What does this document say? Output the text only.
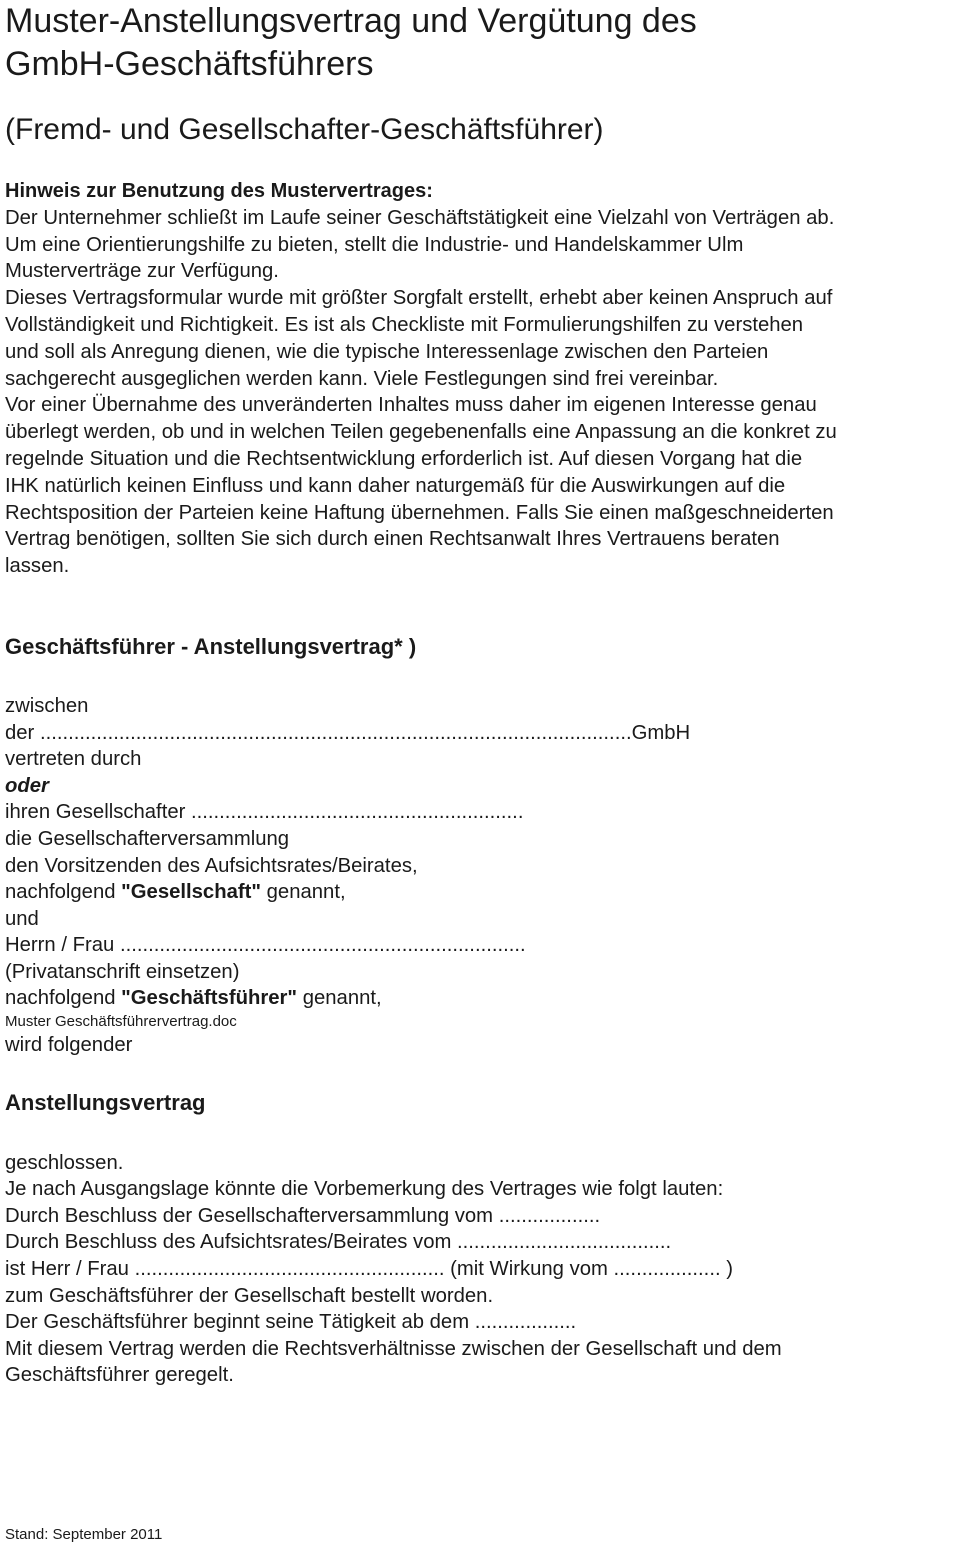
Muster-Anstellungsvertrag und Vergütung des
GmbH-Geschäftsführers
(Fremd- und Gesellschafter-Geschäftsführer)
Hinweis zur Benutzung des Mustervertrages:
Der Unternehmer schließt im Laufe seiner Geschäftstätigkeit eine Vielzahl von Verträgen ab.
Um eine Orientierungshilfe zu bieten, stellt die Industrie- und Handelskammer Ulm
Musterverträge zur Verfügung.
Dieses Vertragsformular wurde mit größter Sorgfalt erstellt, erhebt aber keinen Anspruch auf
Vollständigkeit und Richtigkeit. Es ist als Checkliste mit Formulierungshilfen zu verstehen
und soll als Anregung dienen, wie die typische Interessenlage zwischen den Parteien
sachgerecht ausgeglichen werden kann. Viele Festlegungen sind frei vereinbar.
Vor einer Übernahme des unveränderten Inhaltes muss daher im eigenen Interesse genau
überlegt werden, ob und in welchen Teilen gegebenenfalls eine Anpassung an die konkret zu
regelnde Situation und die Rechtsentwicklung erforderlich ist. Auf diesen Vorgang hat die
IHK natürlich keinen Einfluss und kann daher naturgemäß für die Auswirkungen auf die
Rechtsposition der Parteien keine Haftung übernehmen. Falls Sie einen maßgeschneiderten
Vertrag benötigen, sollten Sie sich durch einen Rechtsanwalt Ihres Vertrauens beraten
lassen.
Geschäftsführer - Anstellungsvertrag* )
zwischen
der .........................................................................................................GmbH
vertreten durch
oder
ihren Gesellschafter ...........................................................
die Gesellschafterversammlung
den Vorsitzenden des Aufsichtsrates/Beirates,
nachfolgend "Gesellschaft" genannt,
und
Herrn / Frau ........................................................................
(Privatanschrift einsetzen)
nachfolgend "Geschäftsführer" genannt,
Muster Geschäftsführervertrag.doc
wird folgender
Anstellungsvertrag
geschlossen.
Je nach Ausgangslage könnte die Vorbemerkung des Vertrages wie folgt lauten:
Durch Beschluss der Gesellschafterversammlung vom ..................
Durch Beschluss des Aufsichtsrates/Beirates vom ......................................
ist Herr / Frau ....................................................... (mit Wirkung vom ................... )
zum Geschäftsführer der Gesellschaft bestellt worden.
Der Geschäftsführer beginnt seine Tätigkeit ab dem ..................
Mit diesem Vertrag werden die Rechtsverhältnisse zwischen der Gesellschaft und dem
Geschäftsführer geregelt.
Stand: September 2011
